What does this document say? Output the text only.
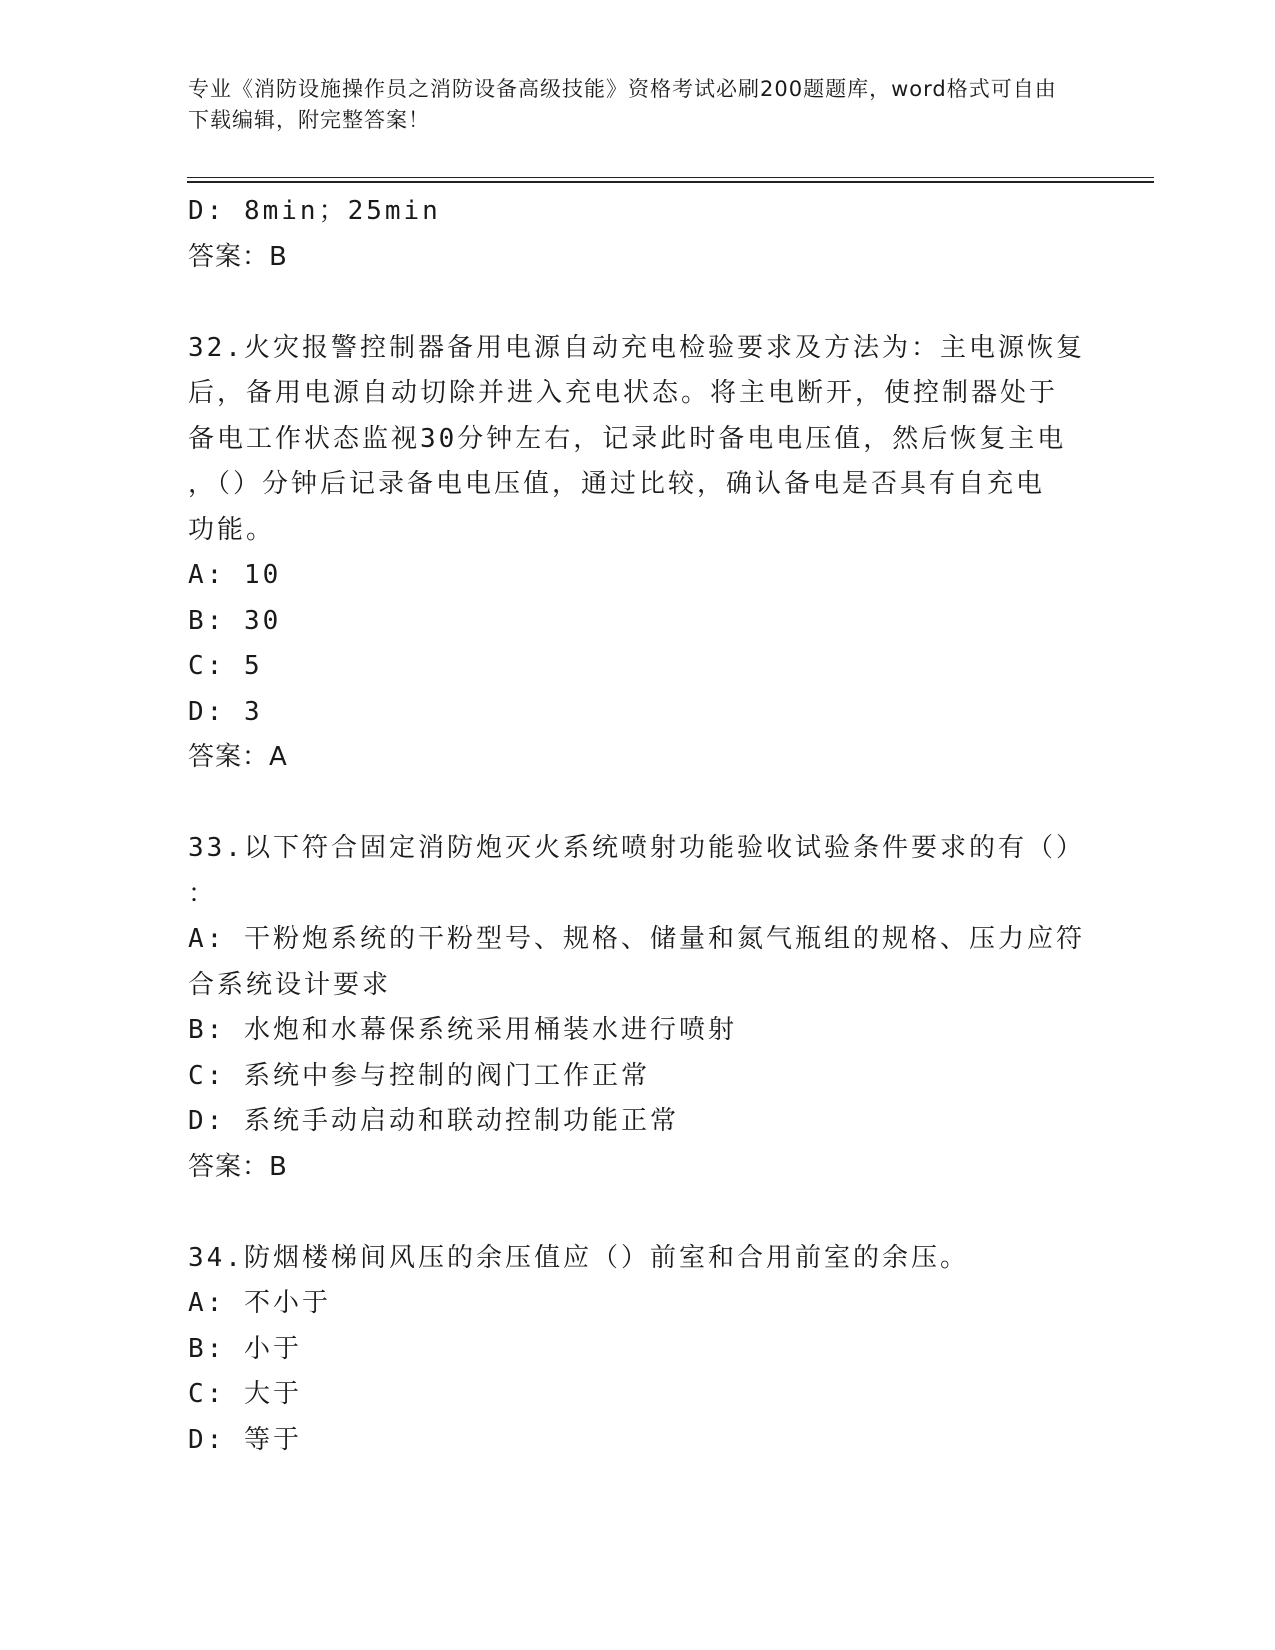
专业《消防设施操作员之消防设备高级技能》资格考试必刷200题题库，word格式可自由下载编辑，附完整答案！
D: 8min；25min
答案：B
32.火灾报警控制器备用电源自动充电检验要求及方法为：主电源恢复
后，备用电源自动切除并进入充电状态。将主电断开，使控制器处于
备电工作状态监视30分钟左右，记录此时备电电压值，然后恢复主电
，（）分钟后记录备电电压值，通过比较，确认备电是否具有自充电
功能。
A: 10
B: 30
C: 5
D: 3
答案：A
33.以下符合固定消防炮灭火系统喷射功能验收试验条件要求的有（）
：
A: 干粉炮系统的干粉型号、规格、储量和氮气瓶组的规格、压力应符
合系统设计要求
B: 水炮和水幕保系统采用桶装水进行喷射
C: 系统中参与控制的阀门工作正常
D: 系统手动启动和联动控制功能正常
答案：B
34.防烟楼梯间风压的余压值应（）前室和合用前室的余压。
A: 不小于
B: 小于
C: 大于
D: 等于
